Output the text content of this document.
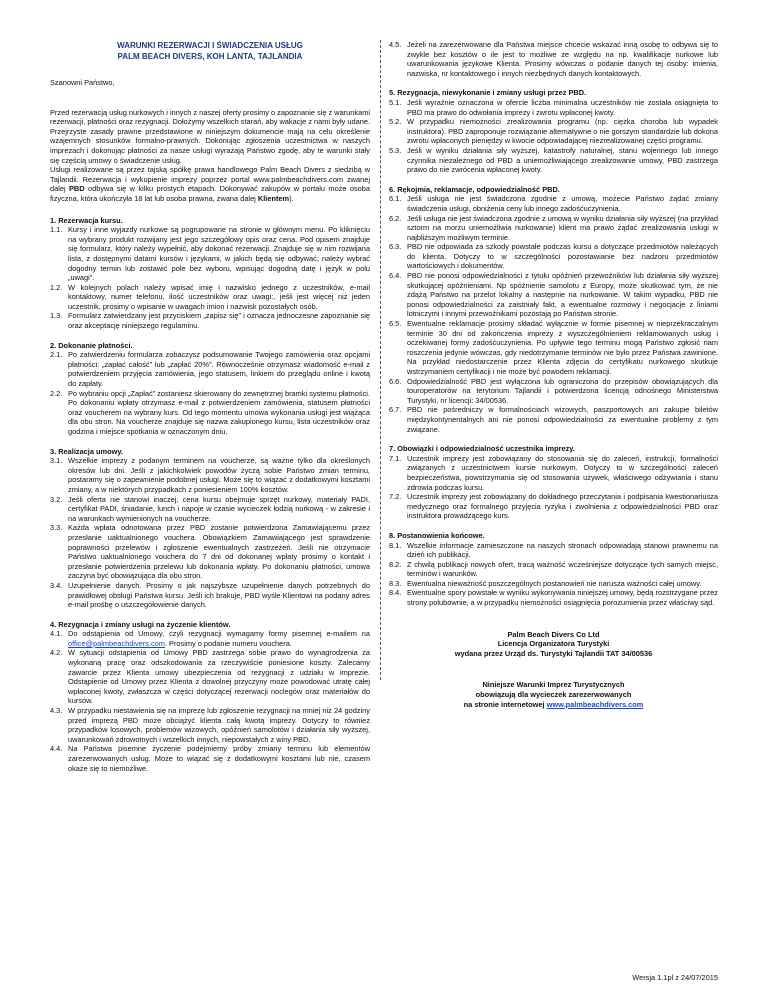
WARUNKI REZERWACJI I ŚWIADCZENIA USŁUG
PALM BEACH DIVERS, KOH LANTA, TAJLANDIA

Szanowni Państwo,

Przed rezerwacją usług nurkowych i innych z naszej oferty prosimy o zapoznanie się z warunkami rezerwacji, płatności oraz rezygnacji. Dołożymy wszelkich starań, aby wakacje z nami były udane. Przejrzyste zasady prawne przedstawione w niniejszym dokumencie mają na celu określenie wzajemnych stosunków formalno-prawnych. Dokonując zgłoszenia uczestnictwa w naszych imprezach i dokonując płatności za nasze usługi wyrażają Państwo zgodę, aby te warunki stały się częścią umowy o świadczenie usług.

Usługi realizowane są przez tajską spółkę prawa handlowego Palm Beach Divers z siedzibą w Tajlandii. Rezerwacja i wykupienie imprezy poprzez portal www.palmbeachdivers.com zwanej dalej PBD odbywa się w kilku prostych etapach. Dokonywać zakupów w portalu może osoba fizyczna, która ukończyła 18 lat lub osoba prawna, zwana dalej Klientem).

1. Rezerwacja kursu.
1.1. Kursy i inne wyjazdy nurkowe są pogrupowane na stronie w głównym menu. Po kliknięciu na wybrany produkt rozwijany jest jego szczegółowy opis oraz cena. Pod opisem znajduje się formularz, który należy wypełnić, aby dokonać rezerwacji. Znajduje się w nim rozwijana lista, z dostępnymi datami kursów i językami, w jakich będą się odbywać; należy wybrać dogodny termin lub zostawić pole bez wyboru, wpisując dogodną datę i język w polu „uwagi”.
1.2. W kolejnych polach należy wpisać imię i nazwisko jednego z uczestników, e-mail kontaktowy, numer telefonu, ilość uczestników oraz uwagi:, jeśli jest więcej niż jeden uczestnik, prosimy o wpisanie w uwagach imion i nazwisk pozostałych osób.
1.3. Formularz zatwierdzany jest przyciskiem „zapisz się” i oznacza jednoczesne zapoznanie się oraz akceptację niniejszego regulaminu.
2. Dokonanie płatności.
2.1. Po zatwierdzeniu formularza zobaczysz podsumowanie Twojego zamówienia oraz opcjami płatności: „zapłać całość” lub „zapłać 20%”. Równocześnie otrzymasz wiadomość e-mail z potwierdzeniem przyjęcia zamówienia, jego statusem, linkiem do przeglądu online i kwotą do zapłaty.
2.2. Po wybraniu opcji „Zapłać” zostaniesz skierowany do zewnętrznej bramki systemu płatności. Po dokonaniu wpłaty otrzymasz e-mail z potwierdzeniem zamówienia, statusem płatności oraz voucherem na wybrany kurs. Od tego momentu umowa wykonania usługi jest wiążąca dla obu stron. Na voucherze znajduje się nazwa zakupionego kursu, lista uczestników oraz godzina i miejsce spotkania w oznaczonym dniu.
3. Realizacja umowy.
3.1. Wszelkie imprezy z podanym terminem na voucherze, są ważne tylko dla określonych okresów lub dni. Jeśli z jakichkolwiek powodów życzą sobie Państwo zmian terminu, postaramy się o zapewnienie podobnej usługi. Może się to wiązać z dodatkowymi kosztami zmiany, a w niektórych przypadkach z poniesieniem 100% kosztów.
3.2. Jeśli oferta nie stanowi inaczej, cena kursu obejmuje sprzęt nurkowy, materiały PADI, certyfikat PADI, śniadanie, lunch i napoje w czasie wycieczek łodzią nurkową - w zakresie i na warunkach wymienionych na voucherze.
3.3. Każda wpłata odnotowana przez PBD zostanie potwierdzona Zamawiającemu przez przesłanie uaktualnionego vouchera. Obowiązkiem Zamawiającego jest sprawdzenie poprawności przelewów i zgłoszenie ewentualnych zastrzeżeń. Jeśli nie otrzymacie Państwo uaktualnionego vouchera do 7 dni od dokonanej wpłaty prosimy o kontakt i przesłanie potwierdzenia przelewu lub dokonania wpłaty. Po dokonaniu płatności, umowa zaczyna być obowiązująca dla obu stron.
3.4. Uzupełnienie danych. Prosimy o jak najszybsze uzupełnienie danych potrzebnych do prawidłowej obsługi Państwa kursu. Jeśli ich brakuje, PBD wyśle Klientowi na podany adres e-mail prośbę o uszczegółowienie danych.
4. Rezygnacja i zmiany usługi na życzenie klientów.
4.1. Do odstąpienia od Umowy, czyli rezygnacji wymagamy formy pisemnej e-mailem na office@palmbeachdivers.com. Prosimy o podanie numeru vouchera.
4.2. W sytuacji odstąpienia od Umowy PBD zastrzega sobie prawo do wynagrodzenia za wykonaną pracę oraz odszkodowania za rzeczywiście poniesione koszty. Zalecamy zawarcie przez Klienta umowy ubezpieczenia od rezygnacji z udziału w imprezie. Odstąpienie od Umowy przez Klienta z dowolnej przyczyny może powodować utratę całej wpłaconej kwoty, zwłaszcza w części dotyczącej rezerwacji noclegów oraz materiałów do kursów.
4.3. W przypadku niestawienia się na imprezę lub zgłoszenie rezygnacji na mniej niż 24 godziny przed imprezą PBD może obciążyć klienta całą kwotą imprezy. Dotyczy to również przypadków losowych, problemów wizowych, opóźnień samolotów i działania siły wyższej, uwarunkowań zdrowotnych i wszelkich innych, niepowstałych z winy PBD.
4.4. Na Państwa pisemne życzenie podejmiemy próby zmiany terminu lub elementów zarezerwowanych usług. Może to wiązać się z dodatkowymi kosztami lub nie, czasem okaże się to niemożliwe.
4.5. Jeżeli na zarezerwowane dla Państwa miejsce chcecie wskazać inną osobę to odbywa się to zwykle bez kosztów o ile jest to możliwe ze względu na np. kwalifikacje nurkowe lub uwarunkowania językowe Klienta. Prosimy wówczas o podanie danych tej osoby: imienia, nazwiska, nr kontaktowego i innych niezbędnych danych kontaktowych.
5. Rezygnacja, niewykonanie i zmiany usługi przez PBD.
5.1. Jeśli wyraźnie oznaczona w ofercie liczba minimalna uczestników nie została osiągnięta to PBD ma prawo do odwołania imprezy i zwrotu wpłaconej kwoty.
5.2. W przypadku niemożności zrealizowania programu (np. ciężka choroba lub wypadek instruktora). PBD zaproponuje rozwiązanie alternatywne o nie gorszym standardzie lub dokona zwrotu wpłaconych pieniędzy w kwocie odpowiadającej niezrealizowanej części programu.
5.3. Jeśli w wyniku działania siły wyższej, katastrofy naturalnej, stanu wojennego lub innego czynnika niezależnego od PBD a uniemożliwiającego zrealizowanie umowy, PBD zastrzega prawo do nie zwrócenia wpłaconej kwoty.
6. Rękojmia, reklamacje, odpowiedzialność PBD.
6.1. Jeśli usługa nie jest świadczona zgodnie z umową, możecie Państwo żądać zmiany świadczenia usługi, obniżenia ceny lub innego zadośćuczynienia.
6.2. Jeśli usługa nie jest świadczona zgodnie z umową w wyniku działania siły wyższej (na przykład sztorm na morzu uniemożliwia nurkowanie) klient ma prawo żądać zrealizowania usługi w najbliższym możliwym terminie.
6.3. PBD nie odpowiada za szkody powstałe podczas kursu a dotyczące przedmiotów należących do klienta. Dotyczy to w szczególności pozostawianie bez nadzoru przedmiotów wartościowych i dokumentów.
6.4. PBD nie ponosi odpowiedzialności z tytułu opóźnień przewoźników lub działania siły wyższej skutkującej opóźnieniami. Np spóźnienie samolotu z Europy, może skutkować tym, że nie zdążą Państwo na przelot lokalny a następnie na nurkowanie. W takim wypadku, PBD nie ponosi odpowiedzialności za zaistniały fakt, a ewentualne rozmowy i negocjacje z liniami lotniczymi i innymi przewoźnikami pozostają po Państwa stronie.
6.5. Ewentualne reklamacje prosimy składać wyłącznie w formie pisemnej w nieprzekraczalnym terminie 30 dni od zakończenia imprezy z wyszczególnieniem reklamowanych usług i oczekiwanej formy zadośćuczynienia. Po upływie tego terminu mogą Państwo zgłosić nam roszczenia jedynie wówczas, gdy niedotrzymanie terminów nie było przez Państwa zawinione. Na przykład niedostarczenie przez Klienta zdjęcia do certyfikatu nurkowego skutkuje wstrzymaniem certyfikacji i nie może być powodem reklamacji.
6.6. Odpowiedzialność PBD jest wyłączona lub ograniczona do przepisów obowiązujących dla touroperatorów na terytorium Tajlandii i potwierdzona licencją odnośnego Ministerstwa Turystyki, nr licencji: 34/00536.
6.7. PBD nie pośredniczy w formalnościach wizowych, paszportowych ani zakupie biletów międzykontynentalnych ani nie ponosi odpowiedzialności za ewentualne problemy z tym związane.
7. Obowiązki i odpowiedzialność uczestnika imprezy.
7.1. Uczestnik imprezy jest zobowiązany do stosowania się do zaleceń, instrukcji, formalności związanych z uczestnictwem kursie nurkowym. Dotyczy to w szczególności zaleceń bezpieczeństwa, powstrzymania się od stosowania używek, właściwego odżywiania i stanu zdrowia podczas kursu.
7.2. Uczestnik imprezy jest zobowiązany do dokładnego przeczytania i podpisania kwestionariusza medycznego oraz formalnego przyjęcia ryzyka i zwolnienia z odpowiedzialności PBD oraz instruktora prowadzącego kurs.
8. Postanowienia końcowe.
8.1. Wszelkie informacje zamieszczone na naszych stronach odpowiadają stanowi prawnemu na dzień ich publikacji.
8.2. Z chwilą publikacji nowych ofert, tracą ważność wcześniejsze dotyczące tych samych miejsc, terminów i warunków.
8.3. Ewentualna nieważność poszczególnych postanowień nie narusza ważności całej umowy.
8.4. Ewentualne spory powstałe w wyniku wykonywania niniejszej umowy, będą rozstrzygane przez strony polubownie, a w przypadku niemożności osiągnięcia porozumienia przez właściwy sąd.
Palm Beach Divers Co Ltd
Licencja Organizatora Turystyki
wydana przez Urząd ds. Turystyki Tajlandii TAT 34/00536
Niniejsze Warunki Imprez Turystycznych
obowiązują dla wycieczek zarezerwowanych
na stronie internetowej www.palmbeachdivers.com
Wersja 1.1pl z 24/07/2015
